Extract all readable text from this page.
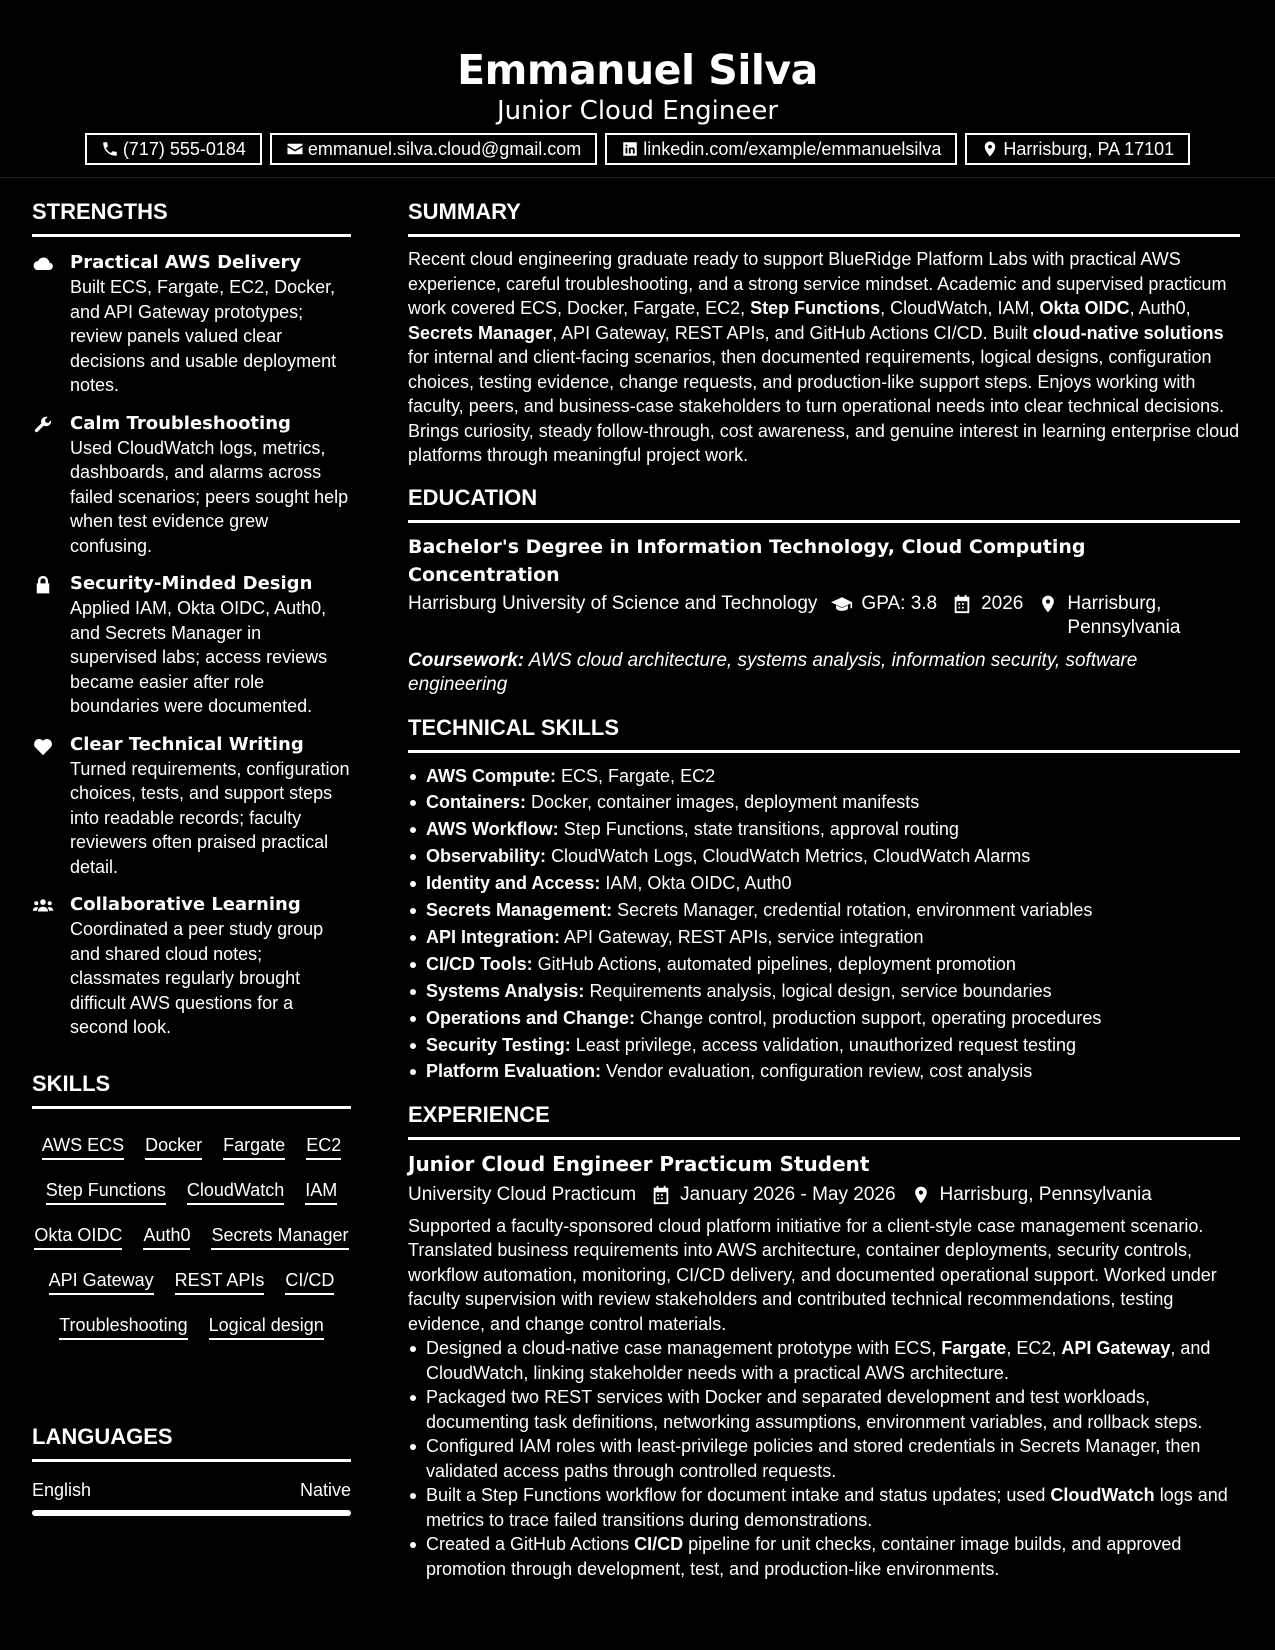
Emmanuel Silva
Junior Cloud Engineer
(717) 555-0184	emmanuel.silva.cloud@gmail.com	linkedin.com/example/emmanuelsilva	Harrisburg, PA 17101
STRENGTHS
Practical AWS Delivery
Built ECS, Fargate, EC2, Docker, and API Gateway prototypes; review panels valued clear decisions and usable deployment notes.
Calm Troubleshooting
Used CloudWatch logs, metrics, dashboards, and alarms across failed scenarios; peers sought help when test evidence grew confusing.
Security-Minded Design
Applied IAM, Okta OIDC, Auth0, and Secrets Manager in supervised labs; access reviews became easier after role boundaries were documented.
Clear Technical Writing
Turned requirements, configuration choices, tests, and support steps into readable records; faculty reviewers often praised practical detail.
Collaborative Learning
Coordinated a peer study group and shared cloud notes; classmates regularly brought difficult AWS questions for a second look.
SKILLS
AWS ECS Docker Fargate EC2
Step Functions CloudWatch IAM
Okta OIDC Auth0 Secrets Manager
API Gateway REST APIs CI/CD
Troubleshooting Logical design
LANGUAGES
English	Native
SUMMARY
Recent cloud engineering graduate ready to support BlueRidge Platform Labs with practical AWS experience, careful troubleshooting, and a strong service mindset. Academic and supervised practicum work covered ECS, Docker, Fargate, EC2, Step Functions, CloudWatch, IAM, Okta OIDC, Auth0, Secrets Manager, API Gateway, REST APIs, and GitHub Actions CI/CD. Built cloud-native solutions for internal and client-facing scenarios, then documented requirements, logical designs, configuration choices, testing evidence, change requests, and production-like support steps. Enjoys working with faculty, peers, and business-case stakeholders to turn operational needs into clear technical decisions. Brings curiosity, steady follow-through, cost awareness, and genuine interest in learning enterprise cloud platforms through meaningful project work.
EDUCATION
Bachelor's Degree in Information Technology, Cloud Computing Concentration
Harrisburg University of Science and Technology GPA: 3.8 2026 Harrisburg, Pennsylvania
Coursework: AWS cloud architecture, systems analysis, information security, software engineering
TECHNICAL SKILLS
AWS Compute: ECS, Fargate, EC2
Containers: Docker, container images, deployment manifests
AWS Workflow: Step Functions, state transitions, approval routing
Observability: CloudWatch Logs, CloudWatch Metrics, CloudWatch Alarms
Identity and Access: IAM, Okta OIDC, Auth0
Secrets Management: Secrets Manager, credential rotation, environment variables
API Integration: API Gateway, REST APIs, service integration
CI/CD Tools: GitHub Actions, automated pipelines, deployment promotion
Systems Analysis: Requirements analysis, logical design, service boundaries
Operations and Change: Change control, production support, operating procedures
Security Testing: Least privilege, access validation, unauthorized request testing
Platform Evaluation: Vendor evaluation, configuration review, cost analysis
EXPERIENCE
Junior Cloud Engineer Practicum Student
University Cloud Practicum January 2026 - May 2026 Harrisburg, Pennsylvania
Supported a faculty-sponsored cloud platform initiative for a client-style case management scenario. Translated business requirements into AWS architecture, container deployments, security controls, workflow automation, monitoring, CI/CD delivery, and documented operational support. Worked under faculty supervision with review stakeholders and contributed technical recommendations, testing evidence, and change control materials.
Designed a cloud-native case management prototype with ECS, Fargate, EC2, API Gateway, and CloudWatch, linking stakeholder needs with a practical AWS architecture.
Packaged two REST services with Docker and separated development and test workloads, documenting task definitions, networking assumptions, environment variables, and rollback steps.
Configured IAM roles with least-privilege policies and stored credentials in Secrets Manager, then validated access paths through controlled requests.
Built a Step Functions workflow for document intake and status updates; used CloudWatch logs and metrics to trace failed transitions during demonstrations.
Created a GitHub Actions CI/CD pipeline for unit checks, container image builds, and approved promotion through development, test, and production-like environments.
